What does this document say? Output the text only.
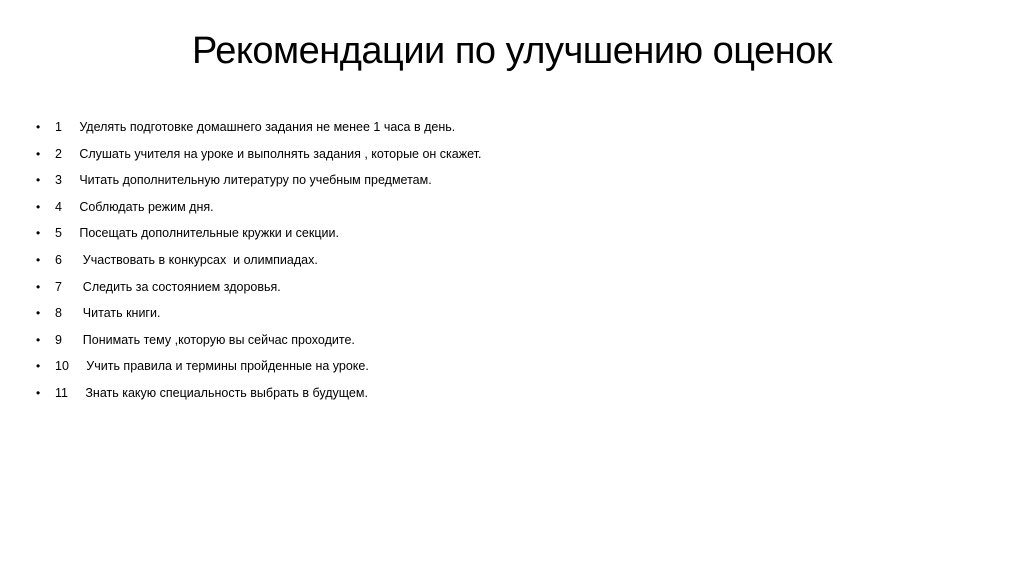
Рекомендации по улучшению оценок
• 1 Уделять подготовке домашнего задания не менее 1 часа в день.
• 2 Слушать учителя на уроке и выполнять задания , которые он скажет.
• 3 Читать дополнительную литературу по учебным предметам.
• 4 Соблюдать режим дня.
• 5 Посещать дополнительные кружки и секции.
• 6 Участвовать в конкурсах  и олимпиадах.
• 7 Следить за состоянием здоровья.
• 8 Читать книги.
• 9 Понимать тему ,которую вы сейчас проходите.
• 10 Учить правила и термины пройденные на уроке.
• 11 Знать какую специальность выбрать в будущем.
